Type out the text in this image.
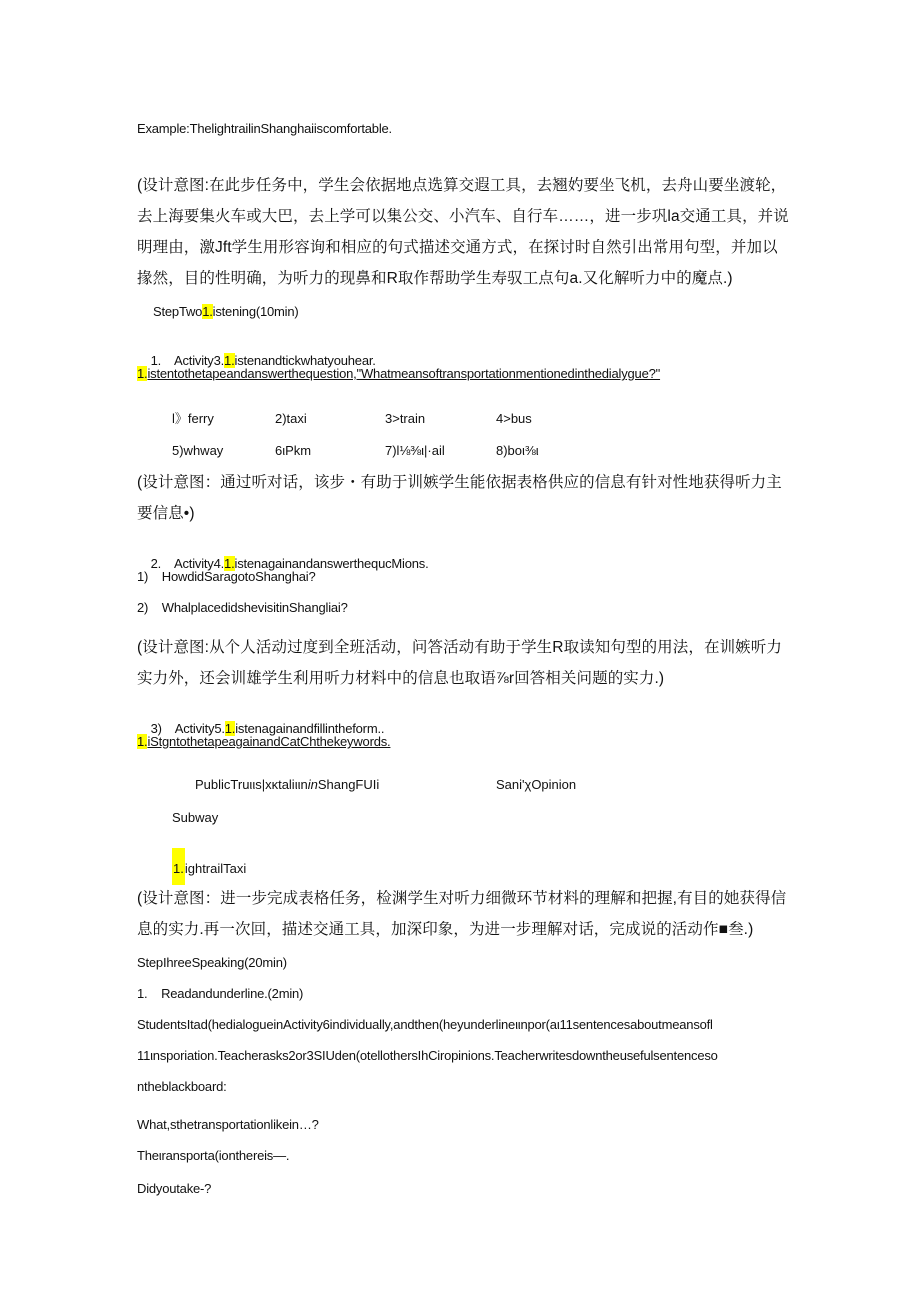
Example:ThelightrailinShanghaiiscomfortable.
(设计意图:在此步任务中，学生会依据地点选算交遐工具，去翘妁要坐飞机，去舟山要坐渡轮，
去上海要集火车或大巴，去上学可以集公交、小汽车、自行车……，进一步巩la交通工具，并说
明理由，激Jft学生用形容询和相应的句式描述交通方式，在探讨时自然引出常用句型，并加以
掾然，目的性明确，为听力的现鼻和R取作帮助学生寿驭工点句a.又化解听力中的魔点.)
StepTwo1.istening(10min)

1.    Activity3.1.istenandtickwhatyouhear.

1.istentothetapeandanswerthequestion,"Whatmeansoftransportationmentionedinthedialygue?"
l》ferry	2)taxi	3>train	4>bus
5)whway	6ιPkm	7)l⅛⅜ι|·ail	8)boι⅜ι
(设计意图：通过听对话，该步・有助于训嫉学生能依据表格供应的信息有针对性地获得听力主
要信息•)

2.    Activity4.1.istenagainandanswerthequcMions.

1)    HowdidSaragotoShanghai?
2)    WhalplacedidshevisitinShangliai?
(设计意图:从个人活动过度到全班活动，问答活动有助于学生R取读知句型的用法，在训嫉听力
实力外，还会训雄学生利用听力材料中的信息也取语⅞r回答相关问题的实力.)

3)    Activity5.1.istenagainandfillintheform..

1.iStgntothetapeagainandCatChthekeywords.
PublicTruιιs|xκtaliιιninShangFUIi	Sani'χOpinion
Subway
1.ightrailTaxi
(设计意图：进一步完成表格任务，检渊学生对听力细微环节材料的理解和把握,有目的她获得信
息的实力.再一次回，描述交通工具，加深印象，为进一步理解对话，完成说的活动作■叁.)
StepIhreeSpeaking(20min)
1.    Readandunderline.(2min)
StudentsItad(hedialogueinActivity6individually,andthen(heyunderlineιιnpor(aι11sentencesaboutmeansofl
11ιnsporiation.Teacherasks2or3SIUden(otellothersIhCiropinions.Teacherwritesdowntheusefulsentenceso
ntheblackboard:
What,sthetransportationlikein…?
Theιransporta(ionthereis—.
Didyoutake-?
